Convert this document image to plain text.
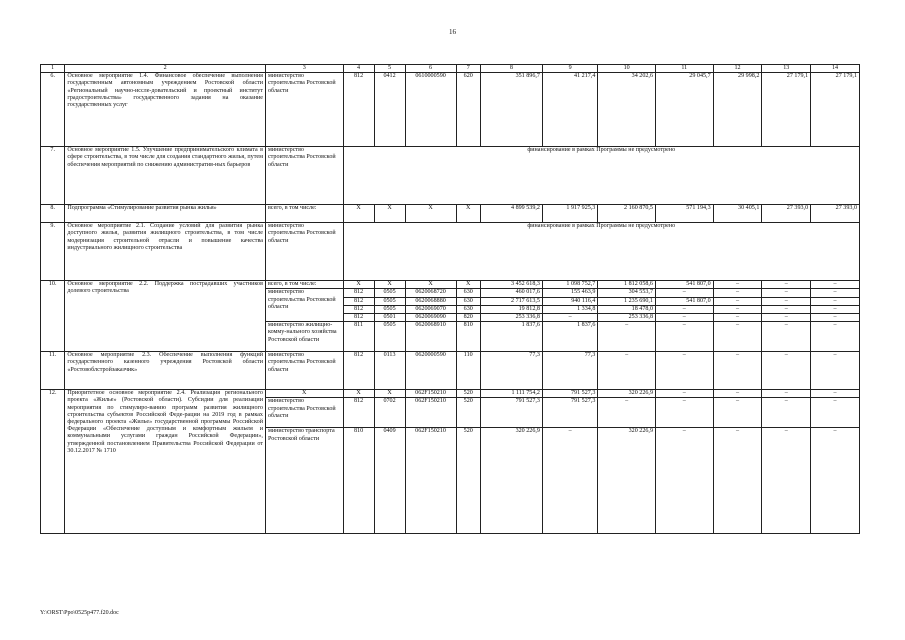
16
1	2	3	4	5	6	7	8	9	10	11	12	13	14
6.	Основное мероприятие 1.4. Финансовое обеспечение выполнения государственным автономным учреждением Ростовской области «Региональный научно-иссле-довательский и проектный институт градостроительства» государственного задания на оказание государственных услуг	министерство строительства Ростовской области	812	0412	0610000590	620	351 896,7	41 217,4	34 202,6	29 045,7	29 998,2	27 179,1	27 179,1
7.	Основное мероприятие 1.5. Улучшение предпринимательского климата в сфере строительства, в том числе для создания стандартного жилья, путем обеспечения мероприятий по снижению административ-ных барьеров	министерство строительства Ростовской области	финансирование в рамках Программы не предусмотрено										
8.	Подпрограмма «Стимулирование развития рынка жилья»	всего, в том числе:	Х	Х	Х	Х	4 899 539,2	1 917 925,3	2 160 870,5	571 194,3	30 405,1	27 393,0	27 393,0
9.	Основное мероприятие 2.1. Создание условий для развития рынка доступного жилья, развития жилищного строительства, в том числе модернизация строительной отрасли и повышение качества индустриального жилищного строительства	министерство строительства Ростовской области	финансирование в рамках Программы не предусмотрено										
10.	Основное мероприятие 2.2. Поддержка пострадавших участников долевого строительства	всего, в том числе:	Х	Х	Х	Х	3 452 618,3	1 098 752,7	1 812 058,6	541 807,0	–	–	–
		министерство строительства Ростовской области	812	0505	0620068720	630	460 017,6	155 463,9	304 553,7	–	–	–	–
			812	0505	0620068880	630	2 717 613,5	940 116,4	1 235 690,1	541 807,0	–	–	–
			812	0505	0620069070	630	19 812,8	1 334,8	18 478,0	–	–	–	–
			812	0501	0620069090	820	253 336,8	–	253 336,8	–	–	–	–
		министерство жилищно-комму-нального хозяйства Ростовской области	811	0505	0620068910	810	1 837,6	1 837,6	–	–	–	–	–
11.	Основное мероприятие 2.3. Обеспечение выполнения функций государственного казенного учреждения Ростовской области «Ростовоблстройзаказчик»	министерство строительства Ростовской области	812	0113	0620000590	110	77,3	77,3	–	–	–	–	–
12.	Приоритетное основное мероприятие 2.4. Реализация регионального проекта «Жилье» (Ростовской области). Субсидии для реализации мероприятия по стимулиро-ванию программ развития жилищного строительства субъектов Российской Феде-рации на 2019 год в рамках федерального проекта «Жилье» государственной программы Российской Федерации «Обеспечение доступным и комфортным жильем и коммунальными услугами граждан Российской Федерации», утвержденной постановлением Правительства Российской Федерации от 30.12.2017 № 1710	Х	Х	Х	062F150210	520	1 111 754,2	791 527,3	320 226,9	–	–	–	–
		министерство строительства Ростовской области	812	0702	062F150210	520	791 527,3	791 527,3	–	–	–	–	–
		министерство транспорта Ростовской области	810	0409	062F150210	520	320 226,9	–	320 226,9	–	–	–	–
Y:\ORST\Ppo\0525p477.f20.doc
